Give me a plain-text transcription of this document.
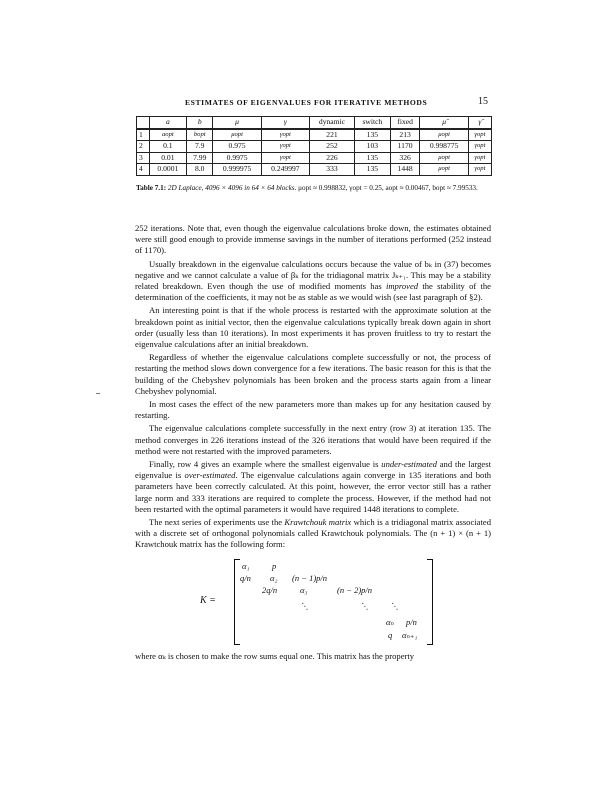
ESTIMATES OF EIGENVALUES FOR ITERATIVE METHODS	15
	a	b	μ	γ	dynamic	switch	fixed	μ̂	γ̂
1	aopt	bopt	μopt	γopt	221	135	213	μopt	γopt
2	0.1	7.9	0.975	γopt	252	103	1170	0.998775	γopt
3	0.01	7.99	0.9975	γopt	226	135	326	μopt	γopt
4	0.0001	8.0	0.999975	0.249997	333	135	1448	μopt	γopt
Table 7.1: 2D Laplace, 4096 × 4096 in 64 × 64 blocks. μopt ≈ 0.998832, γopt = 0.25, aopt ≈ 0.00467, bopt ≈ 7.99533.

252 iterations. Note that, even though the eigenvalue calculations broke down, the estimates obtained were still good enough to provide immense savings in the number of iterations performed (252 instead of 1170).

Usually breakdown in the eigenvalue calculations occurs because the value of bₖ in (37) becomes negative and we cannot calculate a value of βₖ for the tridiagonal matrix Jₖ₊₁. This may be a stability related breakdown. Even though the use of modified moments has improved the stability of the determination of the coefficients, it may not be as stable as we would wish (see last paragraph of §2).

An interesting point is that if the whole process is restarted with the approximate solution at the breakdown point as initial vector, then the eigenvalue calculations typically break down again in short order (usually less than 10 iterations). In most experiments it has proven fruitless to try to restart the eigenvalue calculations after an initial breakdown.

Regardless of whether the eigenvalue calculations complete successfully or not, the process of restarting the method slows down convergence for a few iterations. The basic reason for this is that the building of the Chebyshev polynomials has been broken and the process starts again from a linear Chebyshev polynomial.

In most cases the effect of the new parameters more than makes up for any hesitation caused by restarting.

The eigenvalue calculations complete successfully in the next entry (row 3) at iteration 135. The method converges in 226 iterations instead of the 326 iterations that would have been required if the method were not restarted with the improved parameters.

Finally, row 4 gives an example where the smallest eigenvalue is under-estimated and the largest eigenvalue is over-estimated. The eigenvalue calculations again converge in 135 iterations and both parameters have been correctly calculated. At this point, however, the error vector still has a rather large norm and 333 iterations are required to complete the process. However, if the method had not been restarted with the optimal parameters it would have required 1448 iterations to complete.

The next series of experiments use the Krawtchouk matrix which is a tridiagonal matrix associated with a discrete set of orthogonal polynomials called Krawtchouk polynomials. The (n + 1) × (n + 1) Krawtchouk matrix has the following form:

K =
α₁	p
q/n α₂ (n − 1)p/n
2q/n	α₃	(n − 2)p/n
⋱	⋱	⋱
αₙ p/n
q αₙ₊₁
where αₖ is chosen to make the row sums equal one. This matrix has the property
